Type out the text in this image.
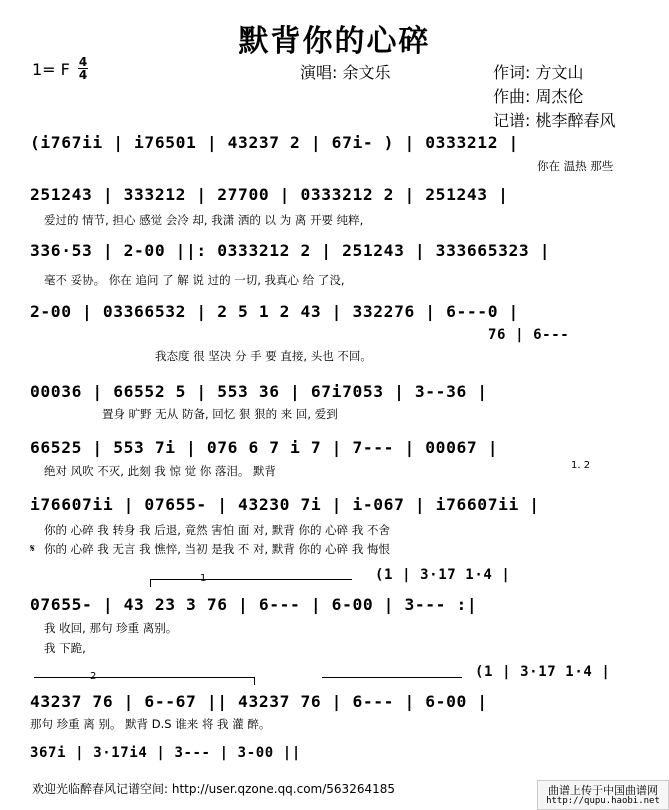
默背你的心碎
1= F 4
4	演唱: 余文乐	作词: 方文山
作曲: 周杰伦
记谱: 桃李醉春风
(i767ii | i76501 | 43237 2 | 67i- ) | 0333212 |
你在 温热 那些
251243 | 333212 | 27700 | 0333212 2 | 251243 |
爱过的 情节, 担心 感觉 会冷 却, 我潇 洒的 以 为 离 开要 纯粹,
336·53 | 2-00 ||: 0333212 2 | 251243 | 333665323 |
毫不 妥协。 你在 追问 了 解 说 过的 一切, 我真心 给 了没,
2-00 | 03366532 | 2 5 1 2 43 | 332276 | 6---0 |
76 | 6---
我态度 很 坚决 分 手 要 直接, 头也 不回。
00036 | 66552 5 | 553 36 | 67i7053 | 3--36 |
置身 旷野 无从 防备, 回忆 狠 狠的 来 回, 爱到
66525 | 553 7i | 076 6 7 i 7 | 7--- | 00067 |
1. 2
绝对 风吹 不灭, 此刻 我 惊 觉 你 落泪。 默背
i76607ii | 07655- | 43230 7i | i-067 | i76607ii |
你的 心碎 我 转身 我 后退, 竟然 害怕 面 对, 默背 你的 心碎 我 不舍
𝄋 你的 心碎 我 无言 我 憔悴, 当初 是我 不 对, 默背 你的 心碎 我 悔恨
1	(1 | 3·17 1·4 |
07655- | 43 23 3 76 | 6--- | 6-00 | 3--- :|
我 收回, 那句 珍重 离别。
我 下跪,
2	(1 | 3·17 1·4 |
43237 76 | 6--67 || 43237 76 | 6--- | 6-00 |
那句 珍重 离 别。 默背 D.S 谁来 将 我 灌 醉。
367i | 3·17i4 | 3--- | 3-00 ||
欢迎光临醉春风记谱空间: http://user.qzone.qq.com/563264185	曲谱上传于中国曲谱网
http://qupu.haobi.net
